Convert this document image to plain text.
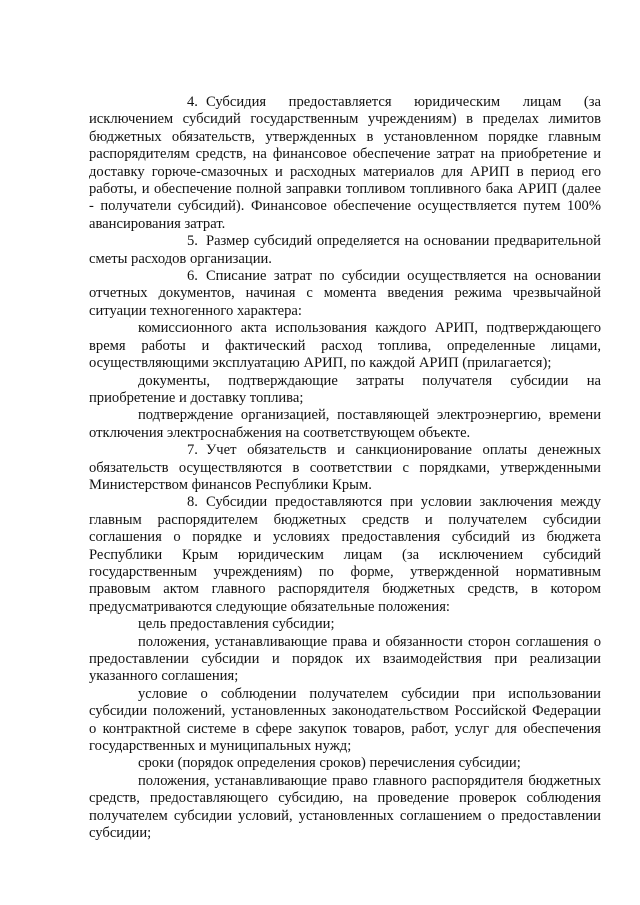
4. Субсидия предоставляется юридическим лицам (за исключением субсидий государственным учреждениям) в пределах лимитов бюджетных обязательств, утвержденных в установленном порядке главным распорядителям средств, на финансовое обеспечение затрат на приобретение и доставку горюче-смазочных и расходных материалов для АРИП в период его работы, и обеспечение полной заправки топливом топливного бака АРИП (далее - получатели субсидий). Финансовое обеспечение осуществляется путем 100% авансирования затрат.

5. Размер субсидий определяется на основании предварительной сметы расходов организации.

6. Списание затрат по субсидии осуществляется на основании отчетных документов, начиная с момента введения режима чрезвычайной ситуации техногенного характера:

комиссионного акта использования каждого АРИП, подтверждающего время работы и фактический расход топлива, определенные лицами, осуществляющими эксплуатацию АРИП, по каждой АРИП (прилагается);

документы, подтверждающие затраты получателя субсидии на приобретение и доставку топлива;

подтверждение организацией, поставляющей электроэнергию, времени отключения электроснабжения на соответствующем объекте.

7. Учет обязательств и санкционирование оплаты денежных обязательств осуществляются в соответствии с порядками, утвержденными Министерством финансов Республики Крым.

8. Субсидии предоставляются при условии заключения между главным распорядителем бюджетных средств и получателем субсидии соглашения о порядке и условиях предоставления субсидий из бюджета Республики Крым юридическим лицам (за исключением субсидий государственным учреждениям) по форме, утвержденной нормативным правовым актом главного распорядителя бюджетных средств, в котором предусматриваются следующие обязательные положения:

цель предоставления субсидии;

положения, устанавливающие права и обязанности сторон соглашения о предоставлении субсидии и порядок их взаимодействия при реализации указанного соглашения;

условие о соблюдении получателем субсидии при использовании субсидии положений, установленных законодательством Российской Федерации о контрактной системе в сфере закупок товаров, работ, услуг для обеспечения государственных и муниципальных нужд;

сроки (порядок определения сроков) перечисления субсидии;

положения, устанавливающие право главного распорядителя бюджетных средств, предоставляющего субсидию, на проведение проверок соблюдения получателем субсидии условий, установленных соглашением о предоставлении субсидии;
